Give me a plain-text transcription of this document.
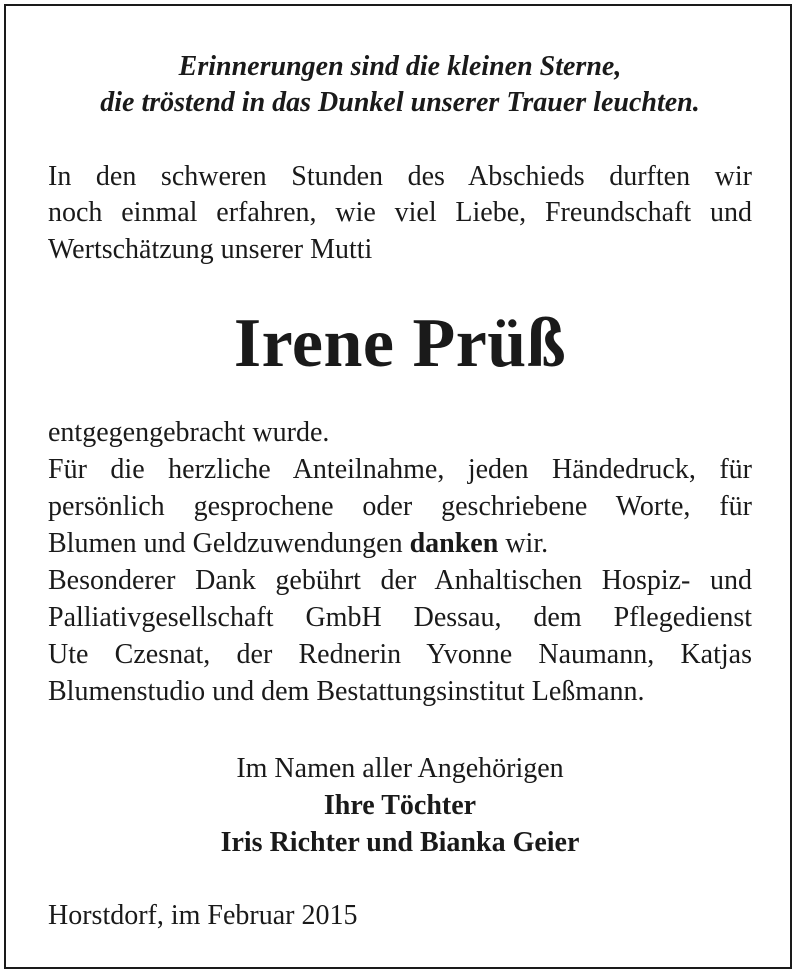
Erinnerungen sind die kleinen Sterne,

die tröstend in das Dunkel unserer Trauer leuchten.

In den schweren Stunden des Abschieds durften wir

noch einmal erfahren, wie viel Liebe, Freundschaft und

Wertschätzung unserer Mutti

Irene Prüß

entgegengebracht wurde.

Für die herzliche Anteilnahme, jeden Händedruck, für

persönlich gesprochene oder geschriebene Worte, für

Blumen und Geldzuwendungen danken wir.

Besonderer Dank gebührt der Anhaltischen Hospiz- und

Palliativgesellschaft GmbH Dessau, dem Pflegedienst

Ute Czesnat, der Rednerin Yvonne Naumann, Katjas

Blumenstudio und dem Bestattungsinstitut Leßmann.

Im Namen aller Angehörigen

Ihre Töchter

Iris Richter und Bianka Geier

Horstdorf, im Februar 2015
